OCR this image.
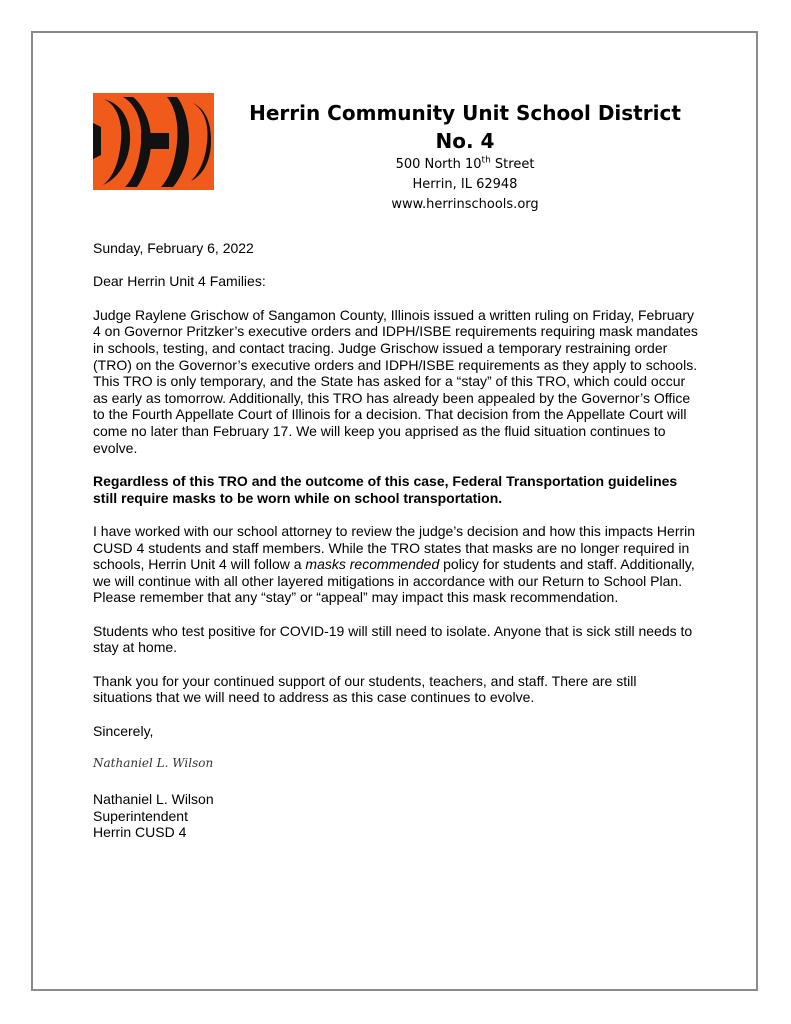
Herrin Community Unit School District No. 4
500 North 10th Street
Herrin, IL 62948
www.herrinschools.org

Sunday, February 6, 2022

Dear Herrin Unit 4 Families:

Judge Raylene Grischow of Sangamon County, Illinois issued a written ruling on Friday, February 4 on Governor Pritzker’s executive orders and IDPH/ISBE requirements requiring mask mandates in schools, testing, and contact tracing. Judge Grischow issued a temporary restraining order (TRO) on the Governor’s executive orders and IDPH/ISBE requirements as they apply to schools. This TRO is only temporary, and the State has asked for a “stay” of this TRO, which could occur as early as tomorrow. Additionally, this TRO has already been appealed by the Governor’s Office to the Fourth Appellate Court of Illinois for a decision. That decision from the Appellate Court will come no later than February 17. We will keep you apprised as the fluid situation continues to evolve.

Regardless of this TRO and the outcome of this case, Federal Transportation guidelines still require masks to be worn while on school transportation.

I have worked with our school attorney to review the judge’s decision and how this impacts Herrin CUSD 4 students and staff members. While the TRO states that masks are no longer required in schools, Herrin Unit 4 will follow a masks recommended policy for students and staff. Additionally, we will continue with all other layered mitigations in accordance with our Return to School Plan. Please remember that any “stay” or “appeal” may impact this mask recommendation.

Students who test positive for COVID-19 will still need to isolate. Anyone that is sick still needs to stay at home.

Thank you for your continued support of our students, teachers, and staff. There are still situations that we will need to address as this case continues to evolve.

Sincerely,

Nathaniel L. Wilson
Nathaniel L. Wilson
Superintendent
Herrin CUSD 4
